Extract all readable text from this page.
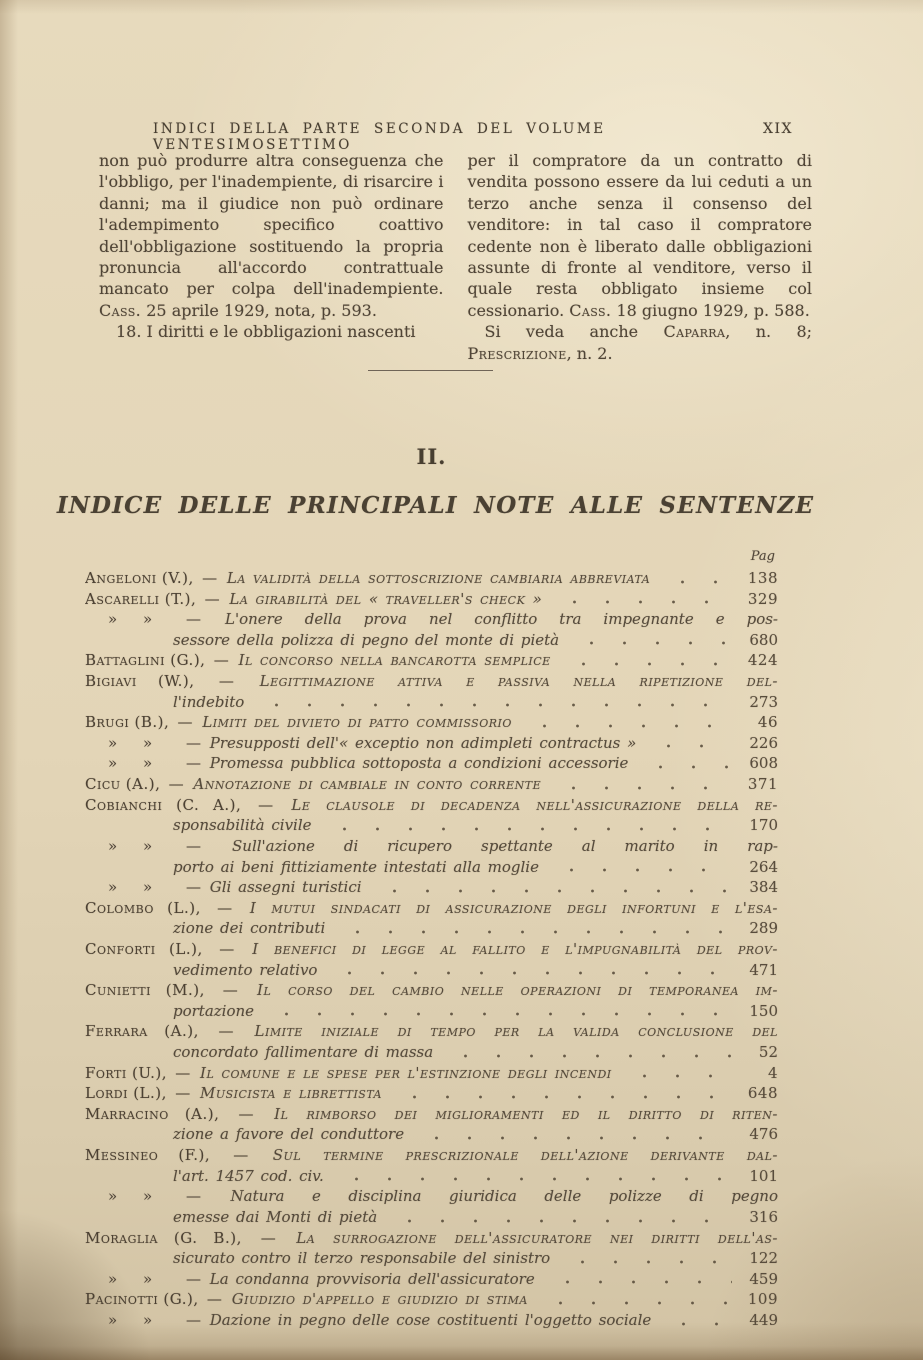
INDICI DELLA PARTE SECONDA DEL VOLUME VENTESIMOSETTIMO
XIX

non può produrre altra conseguenza che l'obbligo, per l'inadempiente, di risarcire i danni; ma il giudice non può ordinare l'adempimento specifico coattivo dell'obbligazione sostituendo la propria pronuncia all'accordo contrattuale mancato per colpa dell'inadempiente. Cass. 25 aprile 1929, nota, p. 593.

18. I diritti e le obbligazioni nascenti

per il compratore da un contratto di vendita possono essere da lui ceduti a un terzo anche senza il consenso del venditore: in tal caso il compratore cedente non è liberato dalle obbligazioni assunte di fronte al venditore, verso il quale resta obbligato insieme col cessionario. Cass. 18 giugno 1929, p. 588.

Si veda anche Caparra, n. 8; Prescrizione, n. 2.

II.
INDICE DELLE PRINCIPALI NOTE ALLE SENTENZE
Pag
Angeloni (V.), — La validità della sottoscrizione cambiaria abbreviata	138
Ascarelli (T.), — La girabilità del « traveller's check »	329
» » — L'onere della prova nel conflitto tra impegnante e pos-
sessore della polizza di pegno del monte di pietà	680
Battaglini (G.), — Il concorso nella bancarotta semplice	424
Bigiavi (W.), — Legittimazione attiva e passiva nella ripetizione del-
l'indebito	273
Brugi (B.), — Limiti del divieto di patto commissorio	46
» » — Presupposti dell'« exceptio non adimpleti contractus »	226
» » — Promessa pubblica sottoposta a condizioni accessorie	608
Cicu (A.), — Annotazione di cambiale in conto corrente	371
Cobianchi (C. A.), — Le clausole di decadenza nell'assicurazione della re-
sponsabilità civile	170
» » — Sull'azione di ricupero spettante al marito in rap-
porto ai beni fittiziamente intestati alla moglie	264
» » — Gli assegni turistici	384
Colombo (L.), — I mutui sindacati di assicurazione degli infortuni e l'esa-
zione dei contributi	289
Conforti (L.), — I benefici di legge al fallito e l'impugnabilità del prov-
vedimento relativo	471
Cunietti (M.), — Il corso del cambio nelle operazioni di temporanea im-
portazione	150
Ferrara (A.), — Limite iniziale di tempo per la valida conclusione del
concordato fallimentare di massa	52
Forti (U.), — Il comune e le spese per l'estinzione degli incendi	4
Lordi (L.), — Musicista e librettista	648
Marracino (A.), — Il rimborso dei miglioramenti ed il diritto di riten-
zione a favore del conduttore	476
Messineo (F.), — Sul termine prescrizionale dell'azione derivante dal-
l'art. 1457 cod. civ.	101
» » — Natura e disciplina giuridica delle polizze di pegno
emesse dai Monti di pietà	316
Moraglia (G. B.), — La surrogazione dell'assicuratore nei diritti dell'as-
sicurato contro il terzo responsabile del sinistro	122
» » — La condanna provvisoria dell'assicuratore	459
Pacinotti (G.), — Giudizio d'appello e giudizio di stima	109
» » — Dazione in pegno delle cose costituenti l'oggetto sociale	449
